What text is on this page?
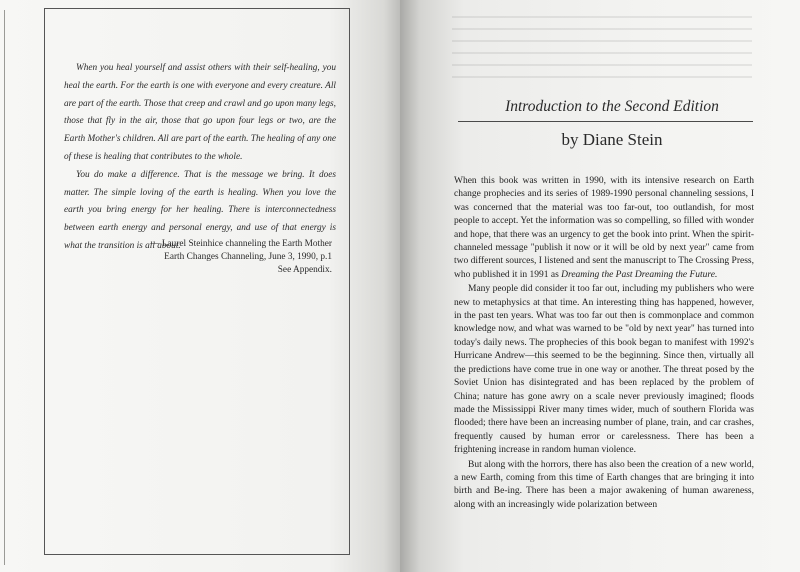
When you heal yourself and assist others with their self-healing, you heal the earth. For the earth is one with everyone and every creature. All are part of the earth. Those that creep and crawl and go upon many legs, those that fly in the air, those that go upon four legs or two, are the Earth Mother's children. All are part of the earth. The healing of any one of these is healing that contributes to the whole.

You do make a difference. That is the message we bring. It does matter. The simple loving of the earth is healing. When you love the earth you bring energy for her healing. There is interconnectedness between earth energy and personal energy, and use of that energy is what the transition is all about.

— Laurel Steinhice channeling the Earth Mother
Earth Changes Channeling, June 3, 1990, p.1
See Appendix.
Introduction to the Second Edition
by Diane Stein

When this book was written in 1990, with its intensive research on Earth change prophecies and its series of 1989-1990 personal channeling sessions, I was concerned that the material was too far-out, too outlandish, for most people to accept. Yet the information was so compelling, so filled with wonder and hope, that there was an urgency to get the book into print. When the spirit-channeled message "publish it now or it will be old by next year" came from two different sources, I listened and sent the manuscript to The Crossing Press, who published it in 1991 as Dreaming the Past Dreaming the Future.

Many people did consider it too far out, including my publishers who were new to metaphysics at that time. An interesting thing has happened, however, in the past ten years. What was too far out then is commonplace and common knowledge now, and what was warned to be "old by next year" has turned into today's daily news. The prophecies of this book began to manifest with 1992's Hurricane Andrew—this seemed to be the beginning. Since then, virtually all the predictions have come true in one way or another. The threat posed by the Soviet Union has disintegrated and has been replaced by the problem of China; nature has gone awry on a scale never previously imagined; floods made the Mississippi River many times wider, much of southern Florida was flooded; there have been an increasing number of plane, train, and car crashes, frequently caused by human error or carelessness. There has been a frightening increase in random human violence.

But along with the horrors, there has also been the creation of a new world, a new Earth, coming from this time of Earth changes that are bringing it into birth and Be-ing. There has been a major awakening of human awareness, along with an increasingly wide polarization between
